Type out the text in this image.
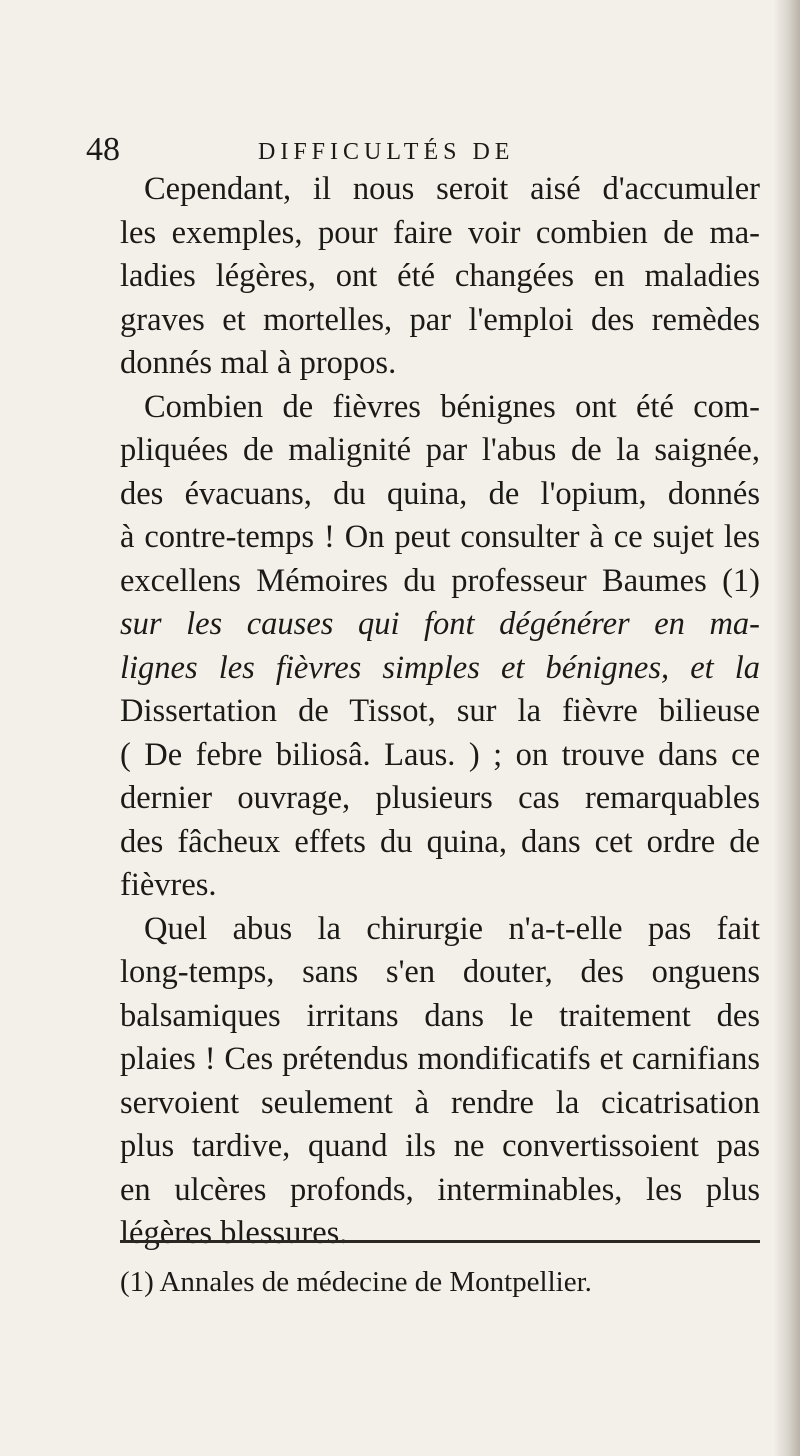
48	DIFFICULTÉS DE
Cependant, il nous seroit aisé d'accumuler
les exemples, pour faire voir combien de ma-
ladies légères, ont été changées en maladies
graves et mortelles, par l'emploi des remèdes
donnés mal à propos.
Combien de fièvres bénignes ont été com-
pliquées de malignité par l'abus de la saignée,
des évacuans, du quina, de l'opium, donnés
à contre-temps ! On peut consulter à ce sujet les
excellens Mémoires du professeur Baumes (1)
sur les causes qui font dégénérer en ma-
lignes les fièvres simples et bénignes, et la
Dissertation de Tissot, sur la fièvre bilieuse
( De febre biliosâ. Laus. ) ; on trouve dans ce
dernier ouvrage, plusieurs cas remarquables
des fâcheux effets du quina, dans cet ordre de
fièvres.
Quel abus la chirurgie n'a-t-elle pas fait
long-temps, sans s'en douter, des onguens
balsamiques irritans dans le traitement des
plaies ! Ces prétendus mondificatifs et carnifians
servoient seulement à rendre la cicatrisation
plus tardive, quand ils ne convertissoient pas
en ulcères profonds, interminables, les plus
légères blessures.
(1) Annales de médecine de Montpellier.
